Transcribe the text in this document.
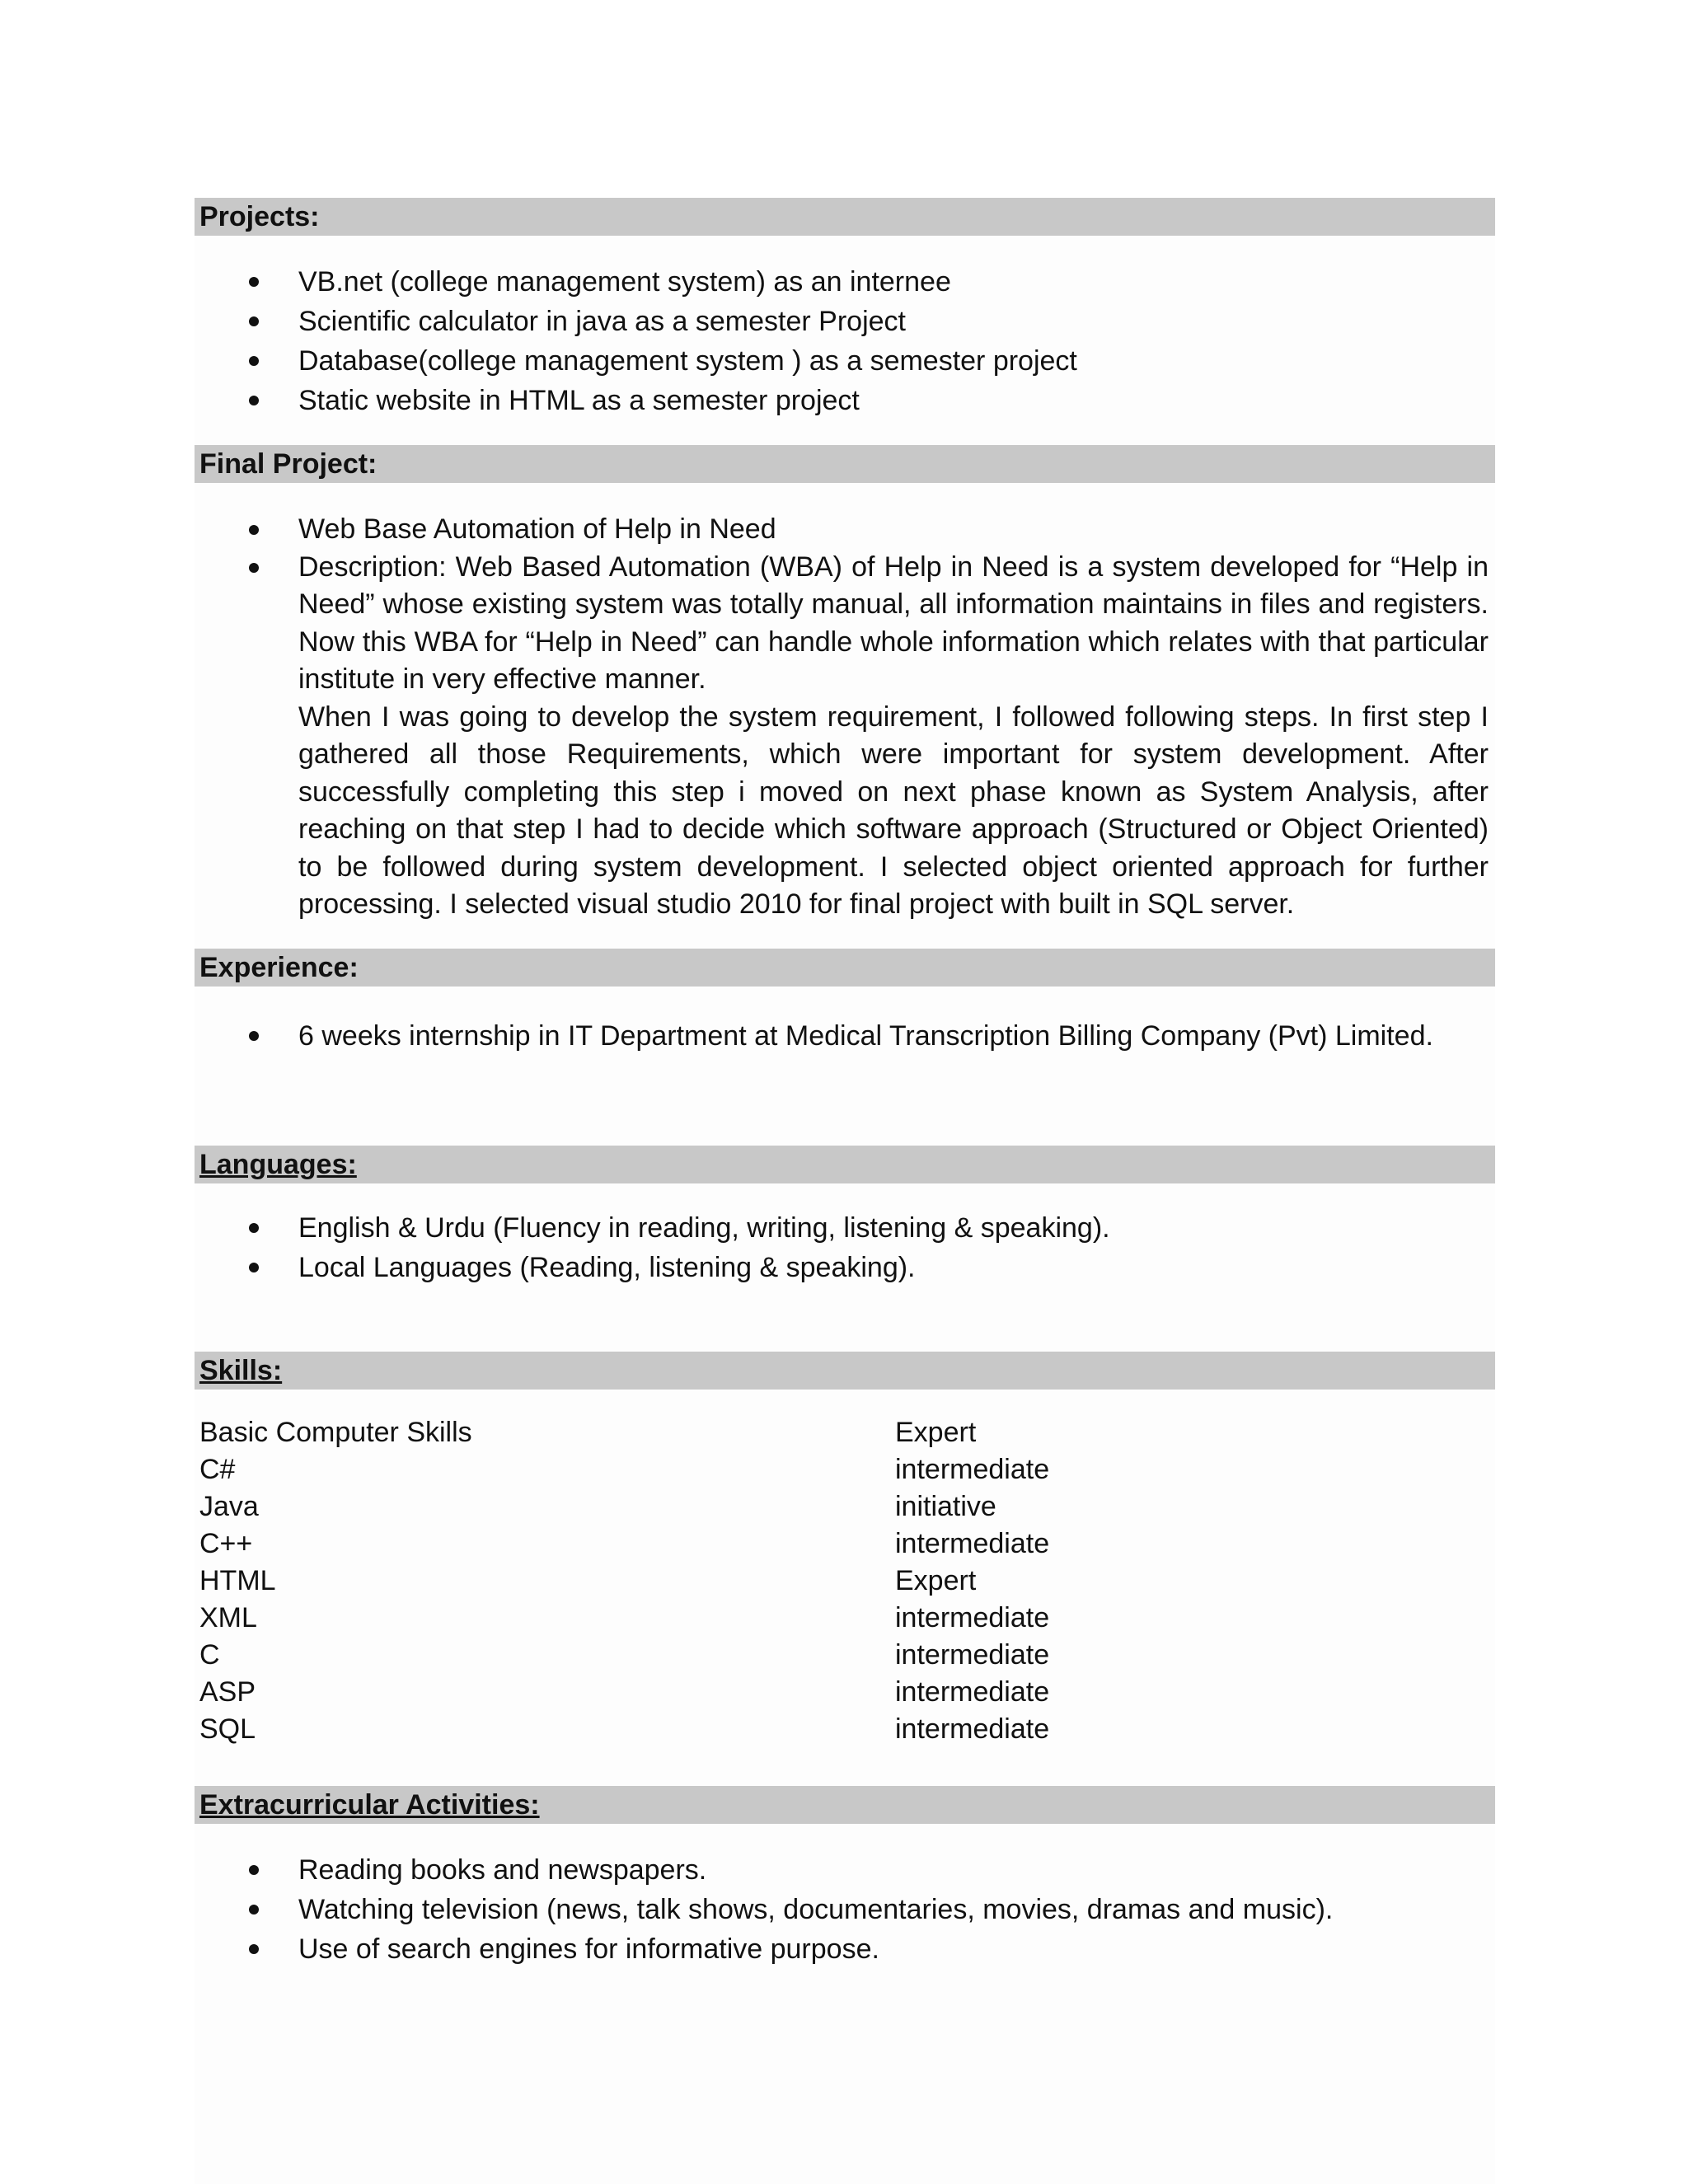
Projects:
VB.net (college management system) as an internee
Scientific calculator in java as a semester Project
Database(college management system ) as a semester project
Static website in HTML as a semester project
Final Project:
Web Base Automation of Help in Need
Description: Web Based Automation (WBA) of Help in Need is a system developed for “Help in Need” whose existing system was totally manual, all information maintains in files and registers. Now this WBA for “Help in Need” can handle whole information which relates with that particular institute in very effective manner.
When I was going to develop the system requirement, I followed following steps. In first step I gathered all those Requirements, which were important for system development. After successfully completing this step i moved on next phase known as System Analysis, after reaching on that step I had to decide which software approach (Structured or Object Oriented) to be followed during system development. I selected object oriented approach for further processing. I selected visual studio 2010 for final project with built in SQL server.
Experience:
6 weeks internship in IT Department at Medical Transcription Billing Company (Pvt) Limited.
Languages:
English & Urdu (Fluency in reading, writing, listening & speaking).
Local Languages (Reading, listening & speaking).
Skills:
Basic Computer Skills	Expert
C#	intermediate
Java	initiative
C++	intermediate
HTML	Expert
XML	intermediate
C	intermediate
ASP	intermediate
SQL	intermediate
Extracurricular Activities:
Reading books and newspapers.
Watching television (news, talk shows, documentaries, movies, dramas and music).
Use of search engines for informative purpose.
